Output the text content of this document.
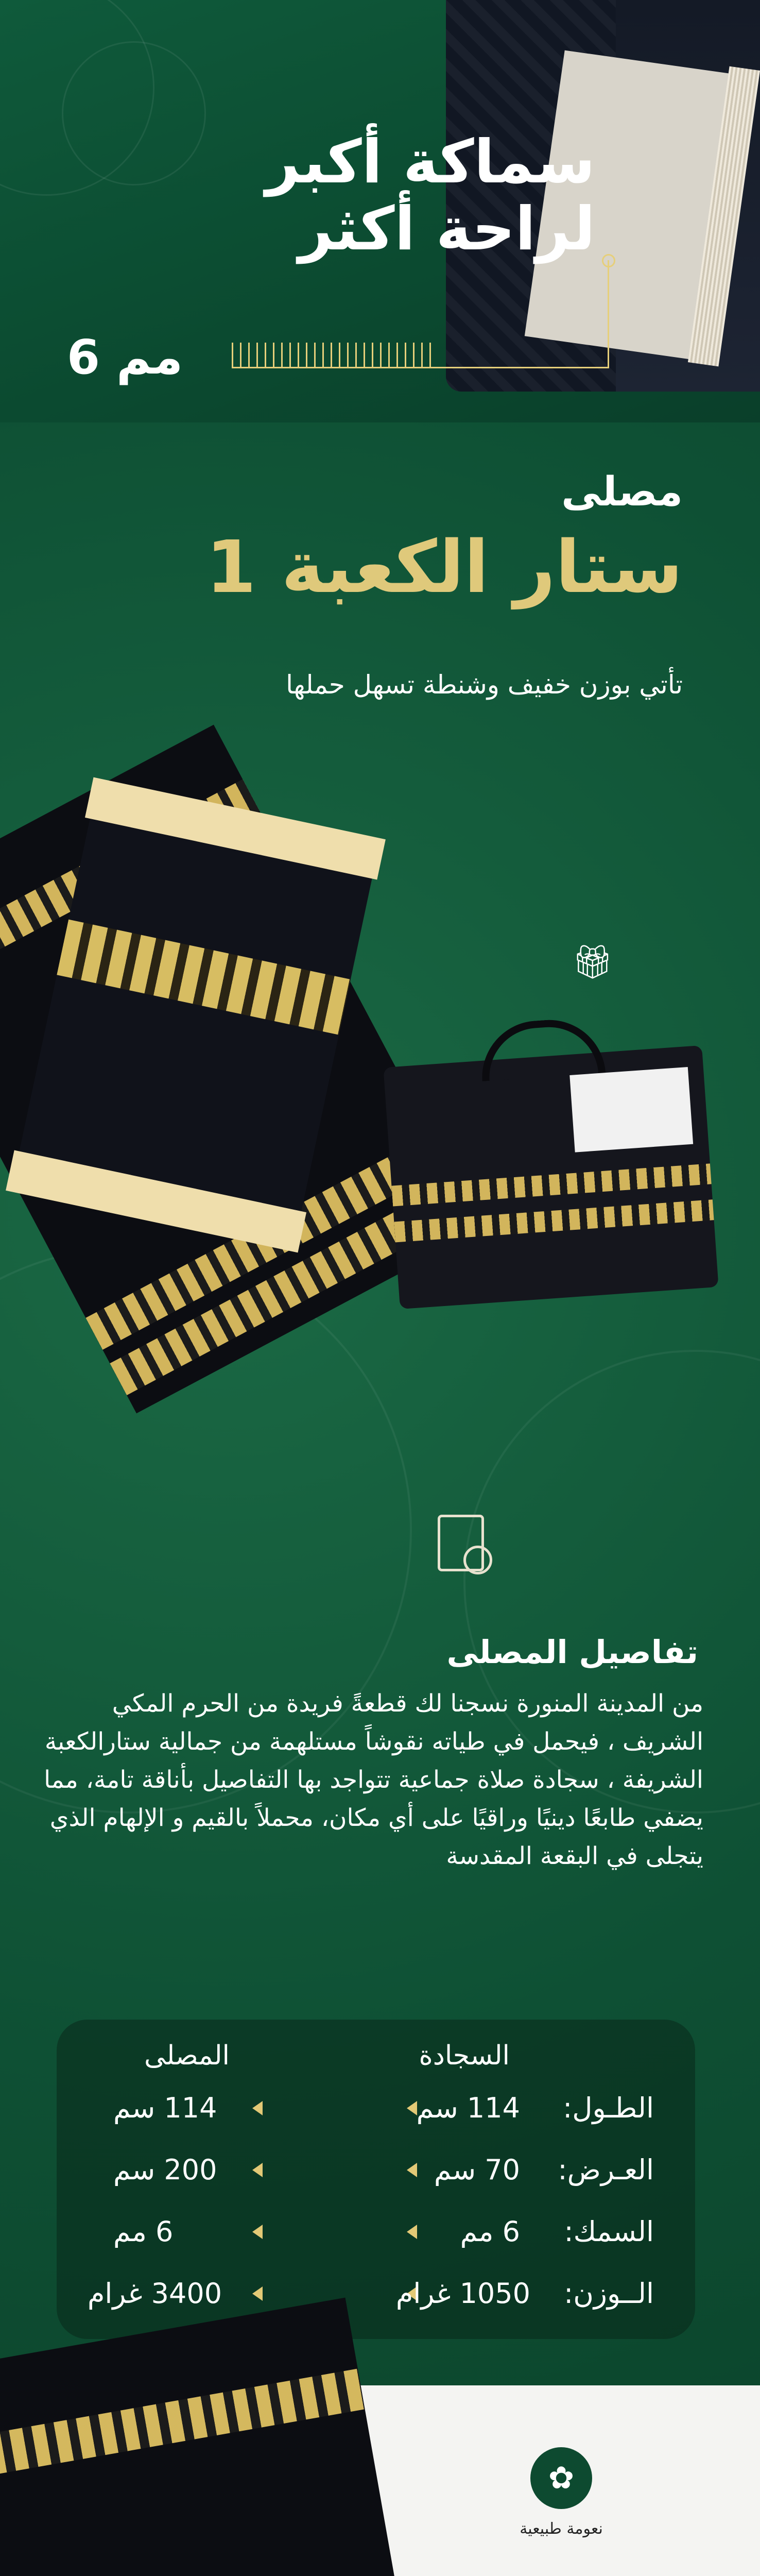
سماكة أكبر
لراحة أكثر
6 مم
مصلى
ستار الكعبة 1
تأتي بوزن خفيف وشنطة تسهل حملها
🎁︎
تفاصيل المصلى
من المدينة المنورة نسجنا لك قطعةً فريدة من الحرم المكي الشريف ، فيحمل في طياته نقوشاً مستلهمة من جمالية ستارالكعبة الشريفة ، سجادة صلاة جماعية تتواجد بها التفاصيل بأناقة تامة، مما يضفي طابعًا دينيًا وراقيًا على أي مكان، محملاً بالقيم و الإلهام الذي يتجلى في البقعة المقدسة
السجادة
المصلى
:الطـول
114 سم
114 سم
:العـرض
70 سم
200 سم
:السمك
6 مم
6 مم
:الــوزن
1050 غرام
3400 غرام
✿
نعومة طبيعية
